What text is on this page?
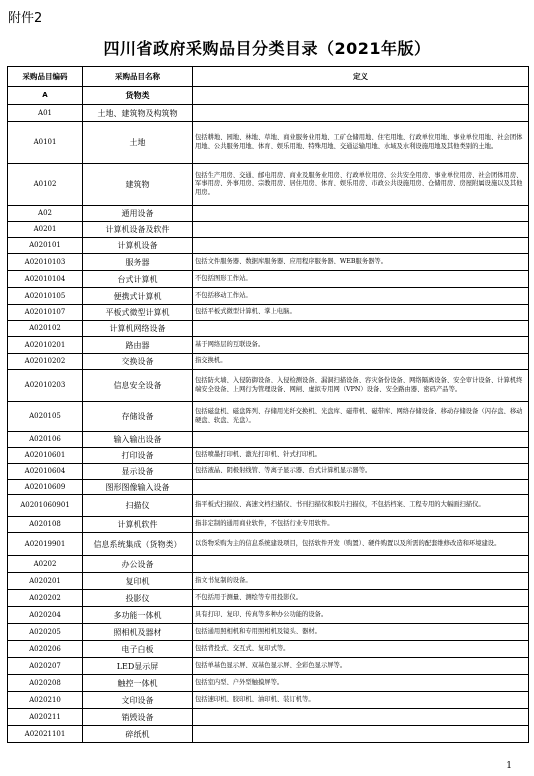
附件2
四川省政府采购品目分类目录（2021年版）
采购品目编码	采购品目名称	定义
A	货物类	
A01	土地、建筑物及构筑物	
A0101	土地	包括耕地、园地、林地、草地、商业服务业用地、工矿仓储用地、住宅用地、行政单位用地、事业单位用地、社会团体用地、公共服务用地、体育、娱乐用地、特殊用地、交通运输用地、水域及水利设施用地及其他类别的土地。
A0102	建筑物	包括生产用房、交通、邮电用房、商业及服务业用房、行政单位用房、公共安全用房、事业单位用房、社会团体用房、军事用房、外事用房、宗教用房、居住用房、体育、娱乐用房、市政公共设施用房、仓储用房、房屋附属设施以及其他用房。
A02	通用设备	
A0201	计算机设备及软件	
A020101	计算机设备	
A02010103	服务器	包括文件服务器、数据库服务器、应用程序服务器、WEB服务器等。
A02010104	台式计算机	不包括图形工作站。
A02010105	便携式计算机	不包括移动工作站。
A02010107	平板式微型计算机	包括平板式微型计算机、掌上电脑。
A020102	计算机网络设备	
A02010201	路由器	基于网络层的互联设备。
A02010202	交换设备	指交换机。
A02010203	信息安全设备	包括防火墙、入侵防御设备、入侵检测设备、漏洞扫描设备、容灾备份设备、网络隔离设备、安全审计设备、计算机终端安全设备、上网行为管理设备、网闸、虚拟专用网（VPN）设备、安全路由器、密码产品等。
A020105	存储设备	包括磁盘机、磁盘阵列、存储用光纤交换机、光盘库、磁带机、磁带库、网络存储设备、移动存储设备（闪存盘、移动硬盘、软盘、光盘）。
A020106	输入输出设备	
A02010601	打印设备	包括喷墨打印机、激光打印机、针式打印机。
A02010604	显示设备	包括液晶、阴极射线管、等离子显示器、台式计算机显示器等。
A02010609	图形图像输入设备	
A0201060901	扫描仪	指平板式扫描仪、高速文档扫描仪、书刊扫描仪和胶片扫描仪，不包括档案、工程专用的大幅面扫描仪。
A020108	计算机软件	指非定制的通用商业软件，不包括行业专用软件。
A02019901	信息系统集成（货物类）	以货物采购为主的信息系统建设项目，包括软件开发（购置）、硬件购置以及所需的配套维修改造和环境建设。
A0202	办公设备	
A020201	复印机	指文书复制的设备。
A020202	投影仪	不包括用于测量、测绘等专用投影仪。
A020204	多功能一体机	具有打印、复印、传真等多种办公功能的设备。
A020205	照相机及器材	包括通用照相机和专用照相机及镜头、器材。
A020206	电子白板	包括背投式、交互式、复印式等。
A020207	LED显示屏	包括单基色显示屏、双基色显示屏、全彩色显示屏等。
A020208	触控一体机	包括室内型、户外型触摸屏等。
A020210	文印设备	包括速印机、胶印机、油印机、装订机等。
A020211	销毁设备	
A02021101	碎纸机	
1
